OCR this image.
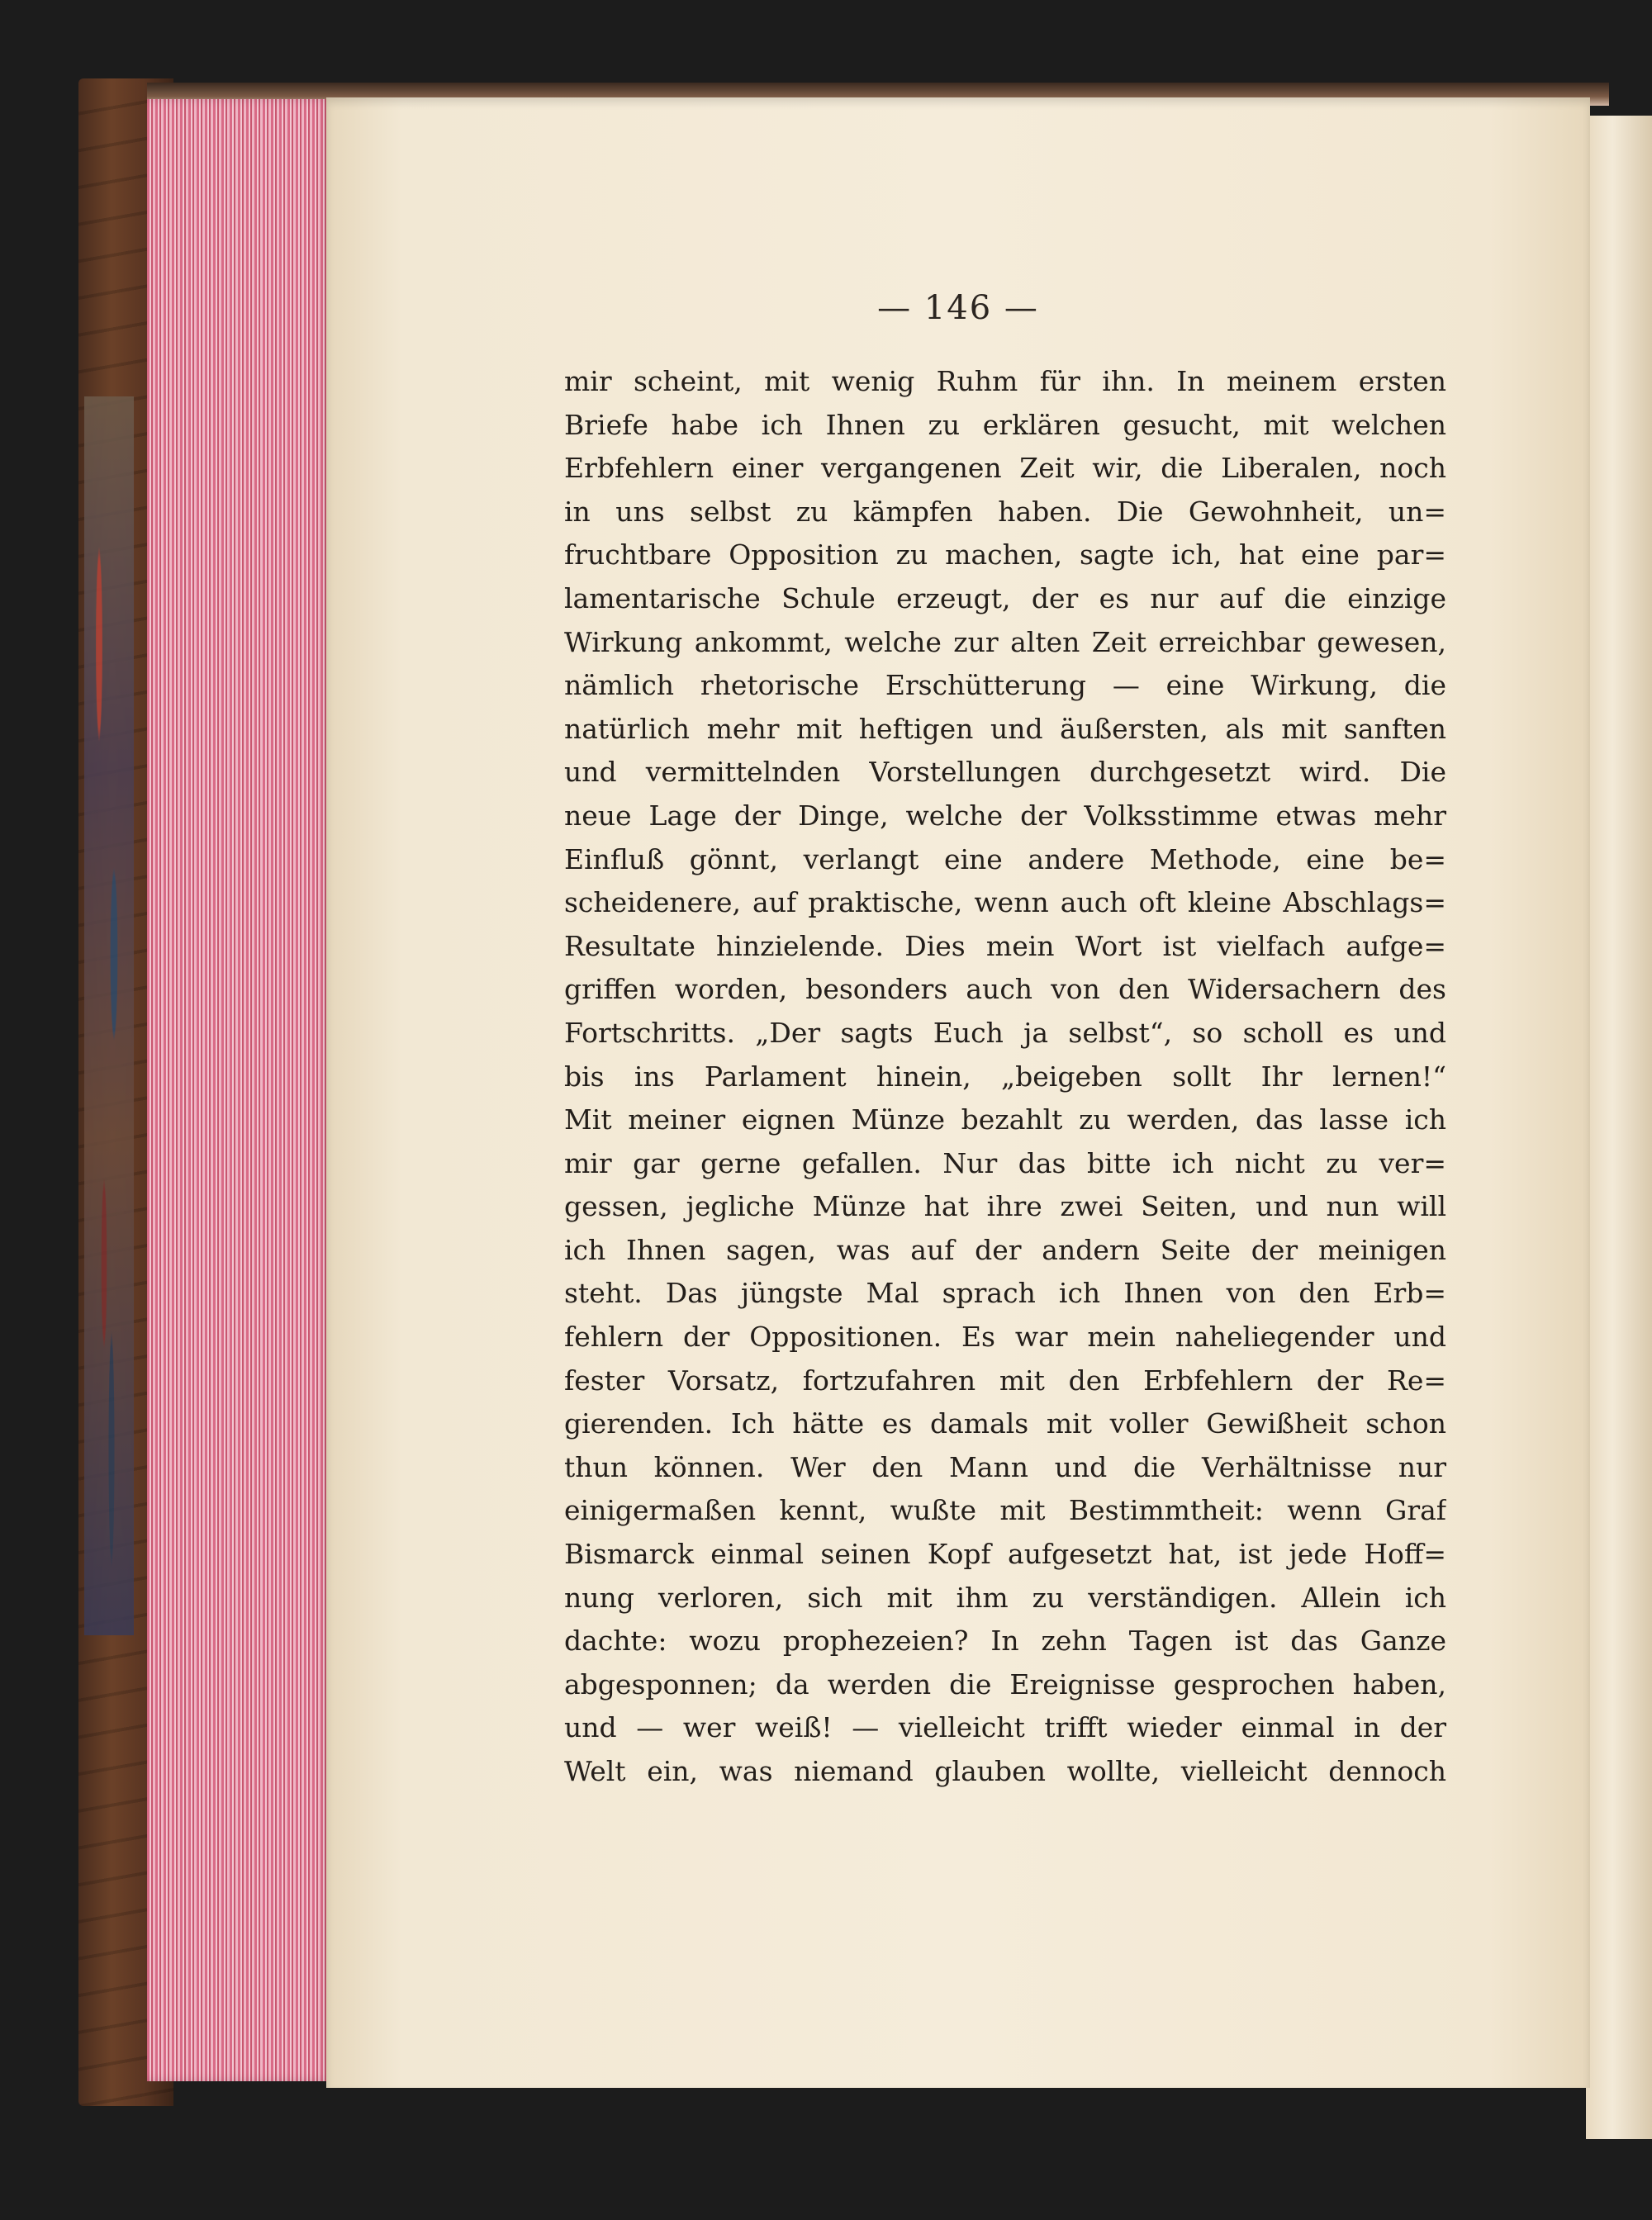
— 146 —
mir scheint, mit wenig Ruhm für ihn. In meinem ersten
Briefe habe ich Ihnen zu erklären gesucht, mit welchen
Erbfehlern einer vergangenen Zeit wir, die Liberalen, noch
in uns selbst zu kämpfen haben. Die Gewohnheit, un=
fruchtbare Opposition zu machen, sagte ich, hat eine par=
lamentarische Schule erzeugt, der es nur auf die einzige
Wirkung ankommt, welche zur alten Zeit erreichbar gewesen,
nämlich rhetorische Erschütterung — eine Wirkung, die
natürlich mehr mit heftigen und äußersten, als mit sanften
und vermittelnden Vorstellungen durchgesetzt wird. Die
neue Lage der Dinge, welche der Volksstimme etwas mehr
Einfluß gönnt, verlangt eine andere Methode, eine be=
scheidenere, auf praktische, wenn auch oft kleine Abschlags=
Resultate hinzielende. Dies mein Wort ist vielfach aufge=
griffen worden, besonders auch von den Widersachern des
Fortschritts. „Der sagts Euch ja selbst“, so scholl es und
bis ins Parlament hinein, „beigeben sollt Ihr lernen!“
Mit meiner eignen Münze bezahlt zu werden, das lasse ich
mir gar gerne gefallen. Nur das bitte ich nicht zu ver=
gessen, jegliche Münze hat ihre zwei Seiten, und nun will
ich Ihnen sagen, was auf der andern Seite der meinigen
steht. Das jüngste Mal sprach ich Ihnen von den Erb=
fehlern der Oppositionen. Es war mein naheliegender und
fester Vorsatz, fortzufahren mit den Erbfehlern der Re=
gierenden. Ich hätte es damals mit voller Gewißheit schon
thun können. Wer den Mann und die Verhältnisse nur
einigermaßen kennt, wußte mit Bestimmtheit: wenn Graf
Bismarck einmal seinen Kopf aufgesetzt hat, ist jede Hoff=
nung verloren, sich mit ihm zu verständigen. Allein ich
dachte: wozu prophezeien? In zehn Tagen ist das Ganze
abgesponnen; da werden die Ereignisse gesprochen haben,
und — wer weiß! — vielleicht trifft wieder einmal in der
Welt ein, was niemand glauben wollte, vielleicht dennoch
